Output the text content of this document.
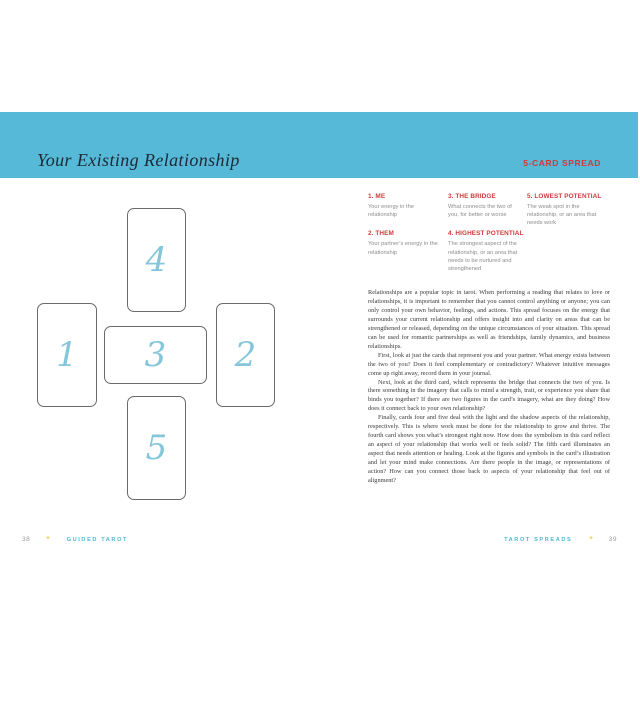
Your Existing Relationship	5-CARD SPREAD
4
1 3 2
5
1. ME
Your energy in the relationship
2. THEM
Your partner’s energy in the relationship
3. THE BRIDGE
What connects the two of you, for better or worse
4. HIGHEST POTENTIAL
The strongest aspect of the relationship, or an area that needs to be nurtured and strengthened
5. LOWEST POTENTIAL
The weak spot in the relationship, or an area that needs work

Relationships are a popular topic in tarot. When performing a reading that relates to love or relationships, it is important to remember that you cannot control anything or anyone; you can only control your own behavior, feelings, and actions. This spread focuses on the energy that surrounds your current relationship and offers insight into and clarity on areas that can be strengthened or released, depending on the unique circumstances of your situation. This spread can be used for romantic partnerships as well as friendships, family dynamics, and business relationships.

First, look at just the cards that represent you and your partner. What energy exists between the two of you? Does it feel complementary or contradictory? Whatever intuitive messages come up right away, record them in your journal.

Next, look at the third card, which represents the bridge that connects the two of you. Is there something in the imagery that calls to mind a strength, trait, or experience you share that binds you together? If there are two figures in the card’s imagery, what are they doing? How does it connect back to your own relationship?

Finally, cards four and five deal with the light and the shadow aspects of the relationship, respectively. This is where work must be done for the relationship to grow and thrive. The fourth card shows you what’s strongest right now. How does the symbolism in this card reflect an aspect of your relationship that works well or feels solid? The fifth card illuminates an aspect that needs attention or healing. Look at the figures and symbols in the card’s illustration and let your mind make connections. Are there people in the image, or representations of action? How can you connect those back to aspects of your relationship that feel out of alignment?

38 ✦	GUIDED TAROT	TAROT SPREADS ✦ 39
